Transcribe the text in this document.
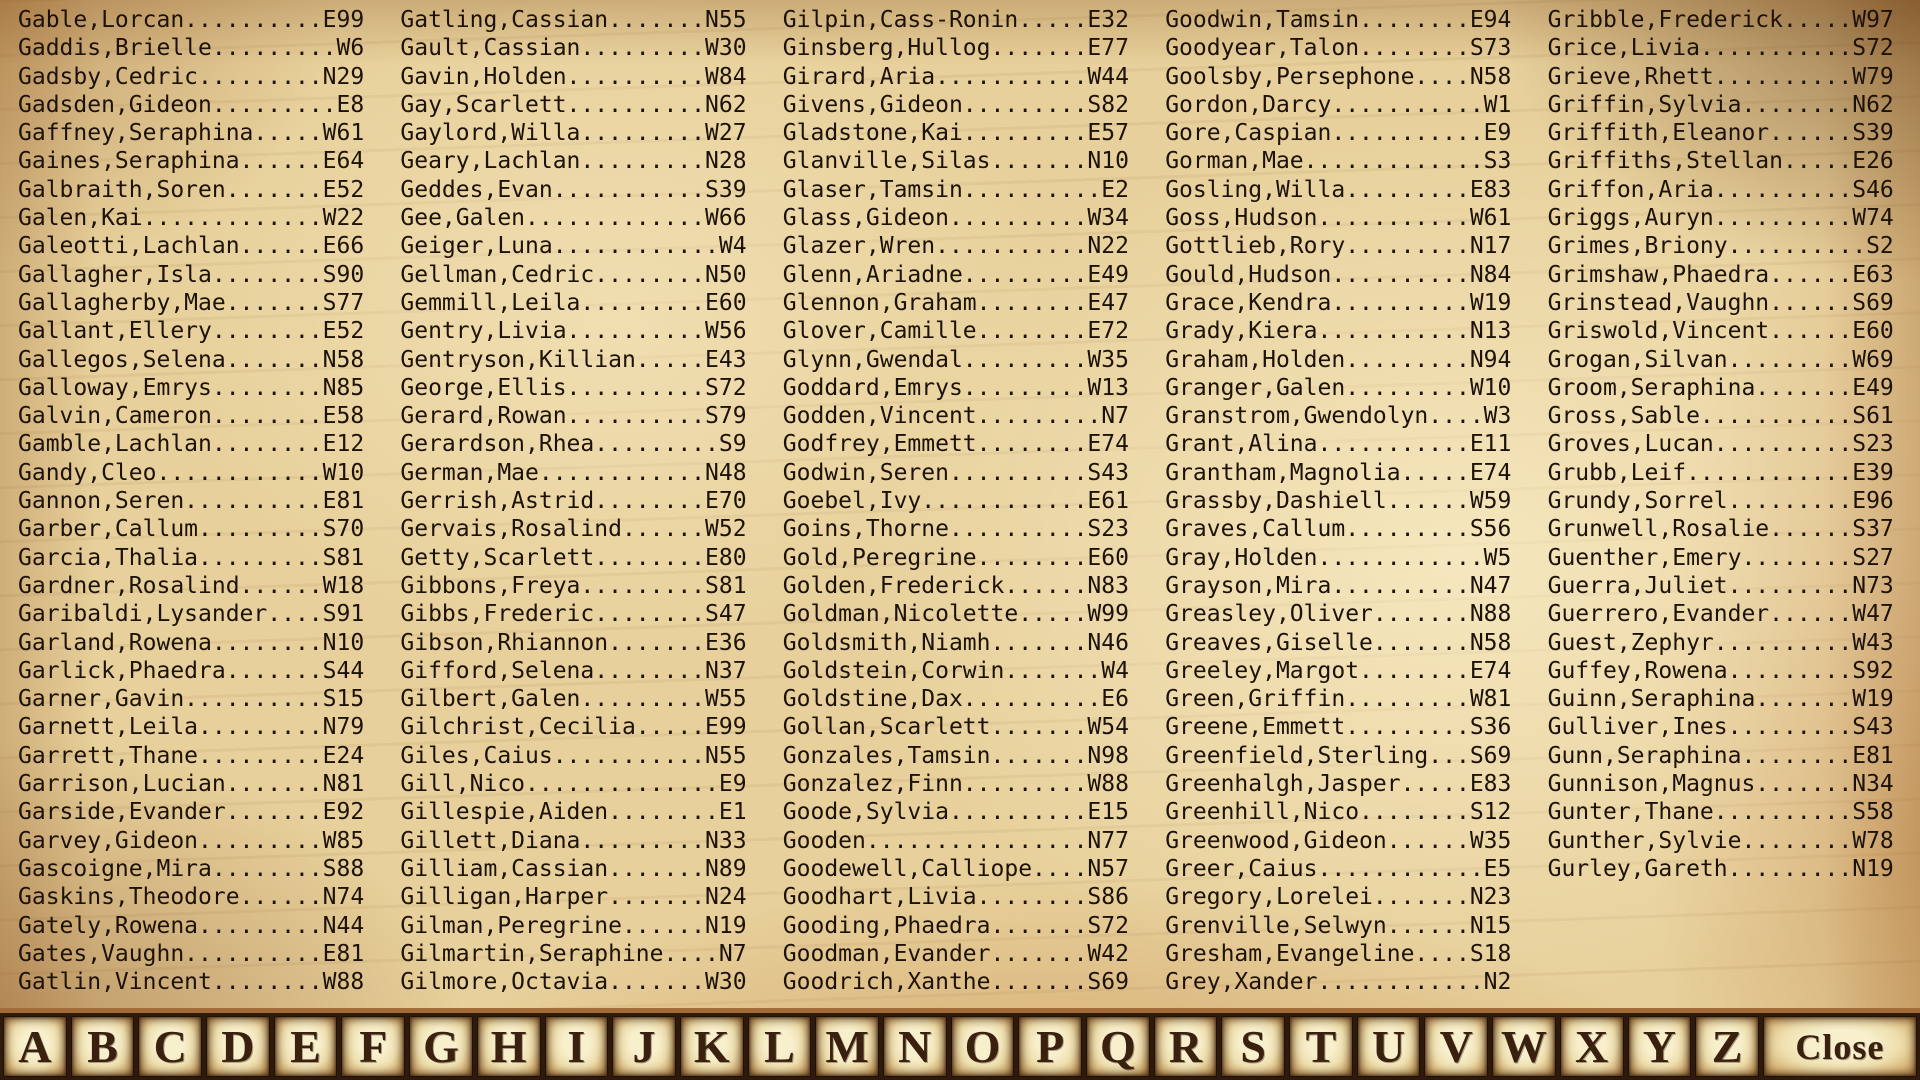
Gable,Lorcan..........E99
Gaddis,Brielle.........W6
Gadsby,Cedric.........N29
Gadsden,Gideon.........E8
Gaffney,Seraphina.....W61
Gaines,Seraphina......E64
Galbraith,Soren.......E52
Galen,Kai.............W22
Galeotti,Lachlan......E66
Gallagher,Isla........S90
Gallagherby,Mae.......S77
Gallant,Ellery........E52
Gallegos,Selena.......N58
Galloway,Emrys........N85
Galvin,Cameron........E58
Gamble,Lachlan........E12
Gandy,Cleo............W10
Gannon,Seren..........E81
Garber,Callum.........S70
Garcia,Thalia.........S81
Gardner,Rosalind......W18
Garibaldi,Lysander....S91
Garland,Rowena........N10
Garlick,Phaedra.......S44
Garner,Gavin..........S15
Garnett,Leila.........N79
Garrett,Thane.........E24
Garrison,Lucian.......N81
Garside,Evander.......E92
Garvey,Gideon.........W85
Gascoigne,Mira........S88
Gaskins,Theodore......N74
Gately,Rowena.........N44
Gates,Vaughn..........E81
Gatlin,Vincent........W88
Gatling,Cassian.......N55
Gault,Cassian.........W30
Gavin,Holden..........W84
Gay,Scarlett..........N62
Gaylord,Willa.........W27
Geary,Lachlan.........N28
Geddes,Evan...........S39
Gee,Galen.............W66
Geiger,Luna............W4
Gellman,Cedric........N50
Gemmill,Leila.........E60
Gentry,Livia..........W56
Gentryson,Killian.....E43
George,Ellis..........S72
Gerard,Rowan..........S79
Gerardson,Rhea.........S9
German,Mae............N48
Gerrish,Astrid........E70
Gervais,Rosalind......W52
Getty,Scarlett........E80
Gibbons,Freya.........S81
Gibbs,Frederic........S47
Gibson,Rhiannon.......E36
Gifford,Selena........N37
Gilbert,Galen.........W55
Gilchrist,Cecilia.....E99
Giles,Caius...........N55
Gill,Nico..............E9
Gillespie,Aiden........E1
Gillett,Diana.........N33
Gilliam,Cassian.......N89
Gilligan,Harper.......N24
Gilman,Peregrine......N19
Gilmartin,Seraphine....N7
Gilmore,Octavia.......W30
Gilpin,Cass-Ronin.....E32
Ginsberg,Hullog.......E77
Girard,Aria...........W44
Givens,Gideon.........S82
Gladstone,Kai.........E57
Glanville,Silas.......N10
Glaser,Tamsin..........E2
Glass,Gideon..........W34
Glazer,Wren...........N22
Glenn,Ariadne.........E49
Glennon,Graham........E47
Glover,Camille........E72
Glynn,Gwendal.........W35
Goddard,Emrys.........W13
Godden,Vincent.........N7
Godfrey,Emmett........E74
Godwin,Seren..........S43
Goebel,Ivy............E61
Goins,Thorne..........S23
Gold,Peregrine........E60
Golden,Frederick......N83
Goldman,Nicolette.....W99
Goldsmith,Niamh.......N46
Goldstein,Corwin.......W4
Goldstine,Dax..........E6
Gollan,Scarlett.......W54
Gonzales,Tamsin.......N98
Gonzalez,Finn.........W88
Goode,Sylvia..........E15
Gooden................N77
Goodewell,Calliope....N57
Goodhart,Livia........S86
Gooding,Phaedra.......S72
Goodman,Evander.......W42
Goodrich,Xanthe.......S69
Goodwin,Tamsin........E94
Goodyear,Talon........S73
Goolsby,Persephone....N58
Gordon,Darcy...........W1
Gore,Caspian...........E9
Gorman,Mae.............S3
Gosling,Willa.........E83
Goss,Hudson...........W61
Gottlieb,Rory.........N17
Gould,Hudson..........N84
Grace,Kendra..........W19
Grady,Kiera...........N13
Graham,Holden.........N94
Granger,Galen.........W10
Granstrom,Gwendolyn....W3
Grant,Alina...........E11
Grantham,Magnolia.....E74
Grassby,Dashiell......W59
Graves,Callum.........S56
Gray,Holden............W5
Grayson,Mira..........N47
Greasley,Oliver.......N88
Greaves,Giselle.......N58
Greeley,Margot........E74
Green,Griffin.........W81
Greene,Emmett.........S36
Greenfield,Sterling...S69
Greenhalgh,Jasper.....E83
Greenhill,Nico........S12
Greenwood,Gideon......W35
Greer,Caius............E5
Gregory,Lorelei.......N23
Grenville,Selwyn......N15
Gresham,Evangeline....S18
Grey,Xander............N2
Gribble,Frederick.....W97
Grice,Livia...........S72
Grieve,Rhett..........W79
Griffin,Sylvia........N62
Griffith,Eleanor......S39
Griffiths,Stellan.....E26
Griffon,Aria..........S46
Griggs,Auryn..........W74
Grimes,Briony..........S2
Grimshaw,Phaedra......E63
Grinstead,Vaughn......S69
Griswold,Vincent......E60
Grogan,Silvan.........W69
Groom,Seraphina.......E49
Gross,Sable...........S61
Groves,Lucan..........S23
Grubb,Leif............E39
Grundy,Sorrel.........E96
Grunwell,Rosalie......S37
Guenther,Emery........S27
Guerra,Juliet.........N73
Guerrero,Evander......W47
Guest,Zephyr..........W43
Guffey,Rowena.........S92
Guinn,Seraphina.......W19
Gulliver,Ines.........S43
Gunn,Seraphina........E81
Gunnison,Magnus.......N34
Gunter,Thane..........S58
Gunther,Sylvie........W78
Gurley,Gareth.........N19
A B C D E F G H I	J K L M N O P Q R S T U V W X Y Z	Close
